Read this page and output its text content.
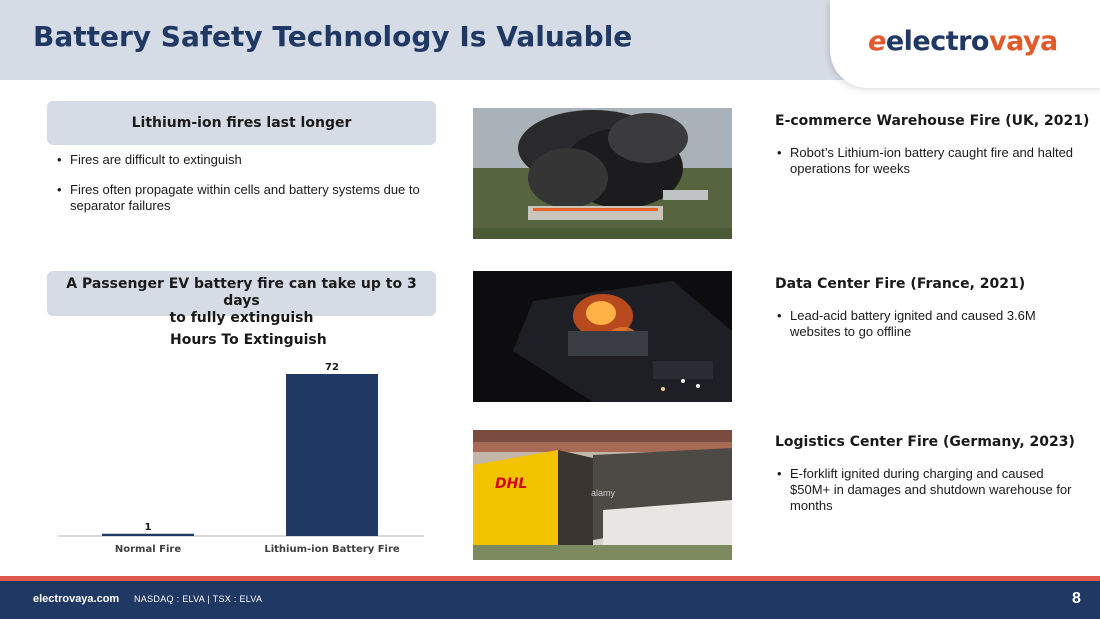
Battery Safety Technology Is Valuable	eelectrovaya
Lithium-ion fires last longer
• Fires are difficult to extinguish
• Fires often propagate within cells and battery systems due to separator failures
A Passenger EV battery fire can take up to 3 days
to fully extinguish
Hours To Extinguish
1
Normal Fire
72
Lithium-ion Battery Fire
DHL
alamy
E-commerce Warehouse Fire (UK, 2021)
• Robot’s Lithium-ion battery caught fire and halted operations for weeks
Data Center Fire (France, 2021)
• Lead-acid battery ignited and caused 3.6M websites to go offline
Logistics Center Fire (Germany, 2023)
• E-forklift ignited during charging and caused $50M+ in damages and shutdown warehouse for months
electrovaya.com NASDAQ : ELVA | TSX : ELVA	8
